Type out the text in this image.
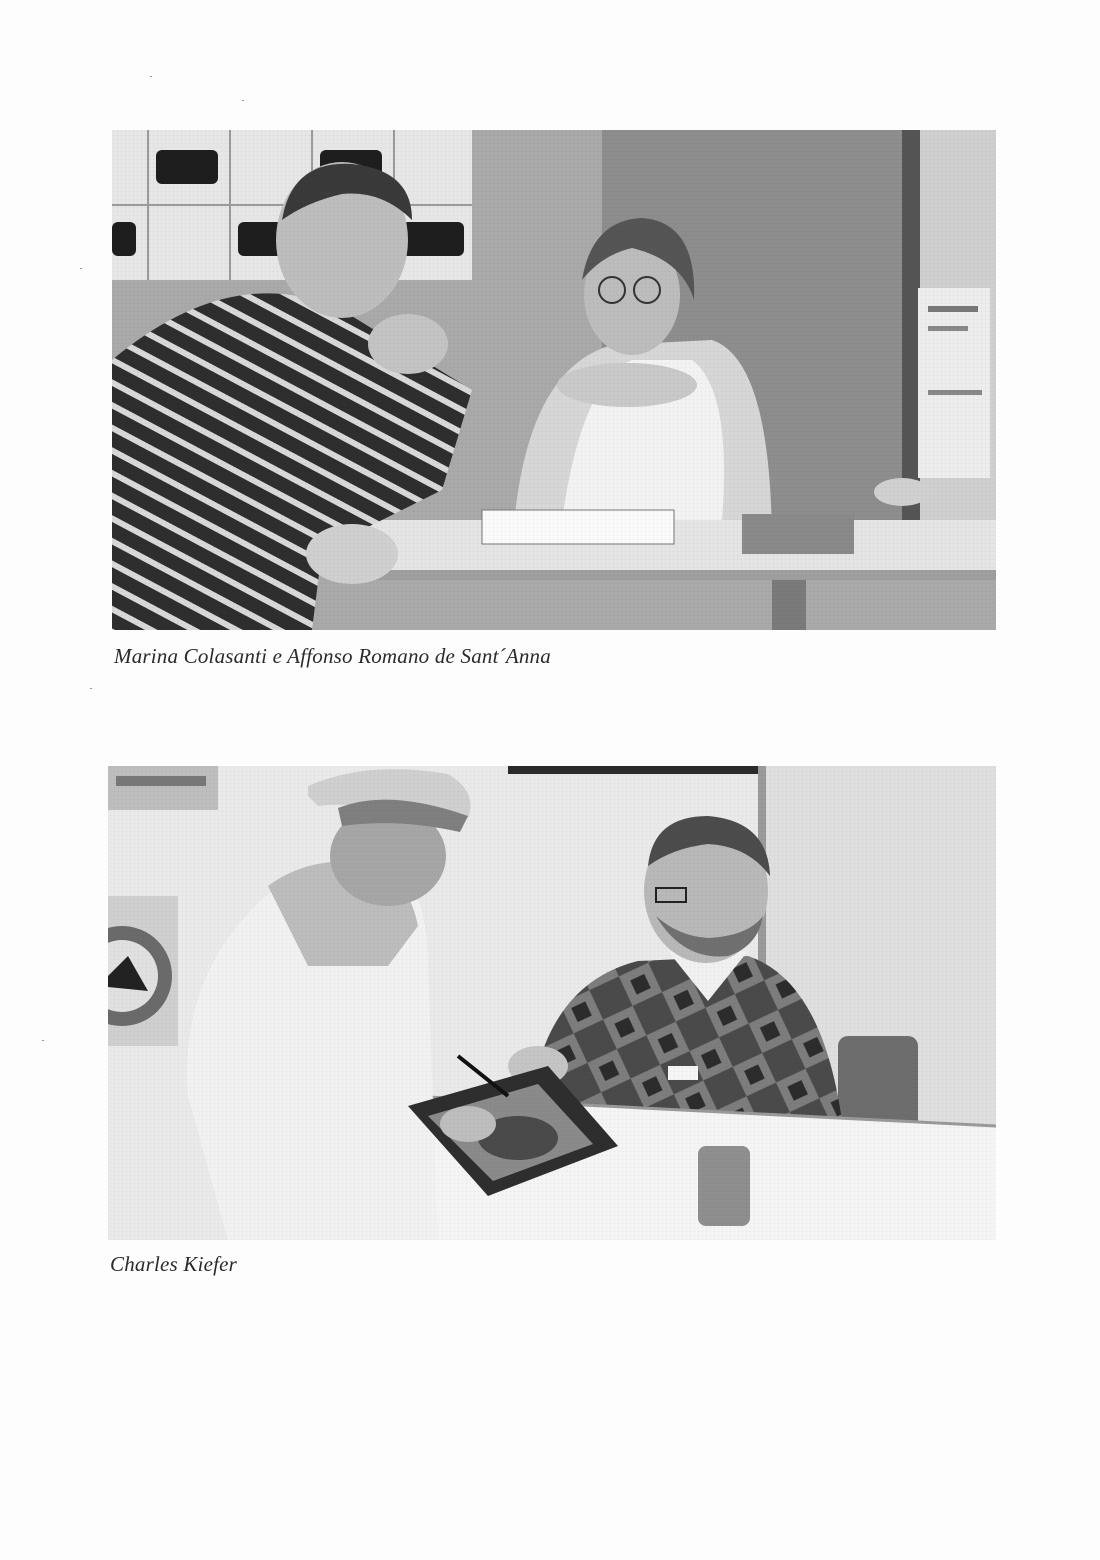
Marina Colasanti e Affonso Romano de Sant´Anna
Charles Kiefer
